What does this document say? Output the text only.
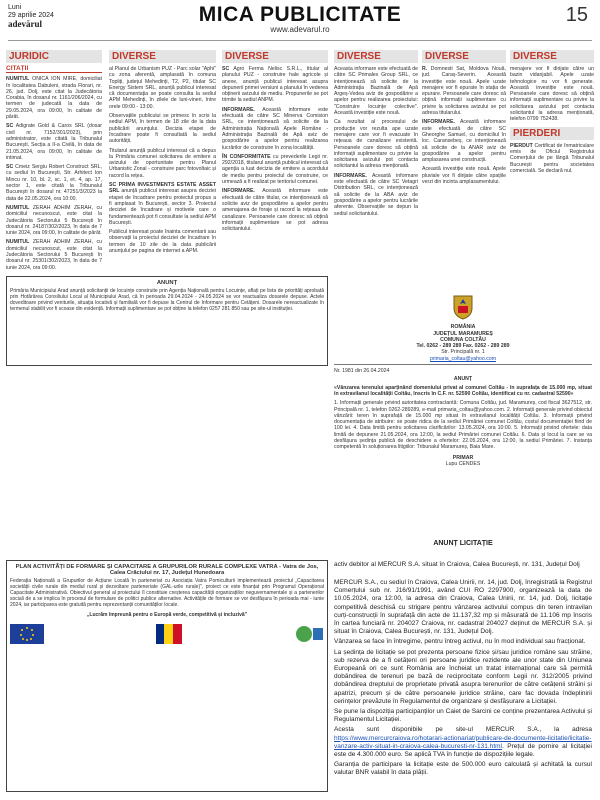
Luni
29 aprilie 2024
adevărul	MICA PUBLICITATE
www.adevarul.ro
15
JURIDIC
CITAȚII
NUMITUL ONICA ION MIRE, domiciliat în localitatea Dabuleni, strada Florari, nr. 26, jud. Dolj, este citat la Judecătoria Corabia, în dosarul nr. 1161/206/2024, cu termen de judecată la data de 29.05.2024, ora 09:00, în calitate de pârât.
SC Adigrate Gold & Caros SRL (dosar civil nr. 7152/301/2023), prin administrator, este citată la Tribunalul București, Secția a II-a Civilă, în data de 21.05.2024, ora 09:00, în calitate de intimat.
SC Cmeiz Sergiu Robert Construct SRL, cu sediul în București, Str. Arhitect Ion Mincu nr. 10, bl. 2, sc. 1, et. 4, ap. 17, sector 1, este citată la Tribunalul București în dosarul nr. 47251/3/2023 la data de 22.05.2024, ora 10:00.
NUMITUL ZERAH ADHIM ZERAH, cu domiciliul necunoscut, este citat la Judecătoria Sectorului 5 București în dosarul nr. 24187/302/2023, în data de 7 iunie 2024, ora 09:00, în calitate de pârât.
NUMITUL ZERAH ADHIM ZERAH, cu domiciliul necunoscut, este citat la Judecătoria Sectorului 5 București în dosarul nr. 25301/302/2023, în data de 7 iunie 2024, ora 09:00.
DIVERSE
al Planul de Urbanism PUZ - Parc solar "Aphi" cu zona aferentă, amplasată în comuna Topliți, județul Mehedinți, T2, P2, titular SC Energy Sistem SRL, anunță publicul interesat că documentația se poate consulta la sediul APM Mehedinți, în zilele de luni-vineri, între orele 09:00 - 13:00.
Observațiile publicului se primesc în scris la sediul APM, în termen de 18 zile de la data publicării anunțului. Decizia etapei de încadrare poate fi consultată la sediul autorității.
Titularul anunță publicul interesat că a depus la Primăria comunei solicitarea de emitere a avizului de oportunitate pentru Planul Urbanistic Zonal - construire parc fotovoltaic și racord la rețea.
SC PRIMA INVESTMENTS ESTATE ASSET SRL anunță publicul interesat asupra deciziei etapei de încadrare pentru proiectul propus a fi amplasat în București, sector 3. Proiectul deciziei de încadrare și motivele care o fundamentează pot fi consultate la sediul APM București.
Publicul interesat poate înainta comentarii sau observații la proiectul deciziei de încadrare în termen de 10 zile de la data publicării anunțului pe pagina de internet a APM.
DIVERSE
SC Agro Ferma Nelisc S.R.L., titular al planului PUZ - construire hale agricole și anexe, anunță publicul interesat asupra depunerii primei versiuni a planului în vederea obținerii avizului de mediu. Propunerile se pot trimite la sediul ANPM.
INFORMARE. Această informare este efectuată de către SC Minerva Comision SRL, ce intenționează să solicite de la Administrația Națională Apele Române - Administrația Bazinală de Apă aviz de gospodărire a apelor pentru realizarea lucrărilor de construire în zona localității.
ÎN CONFORMITATE cu prevederile Legii nr. 292/2018, titularul anunță publicul interesat că agenția a luat decizia de emitere a acordului de mediu pentru proiectul de construire, ce urmează a fi realizat pe teritoriul comunei.
INFORMARE. Această informare este efectuată de către titular, ce intenționează să solicite aviz de gospodărire a apelor pentru amenajarea de foraje și racord la rețeaua de canalizare. Persoanele care doresc să obțină informații suplimentare se pot adresa solicitantului.
DIVERSE
Aceasta informare este efectuată de către SC Primalex Group SRL, ce intenționează să solicite de la Administrația Bazinală de Apă Argeș-Vedea aviz de gospodărire a apelor pentru realizarea proiectului: "Construire locuințe colective". Această investiție este nouă.
Ca rezultat al procesului de producție vor rezulta ape uzate menajere care vor fi evacuate în rețeaua de canalizare existentă. Persoanele care doresc să obțină informații suplimentare cu privire la solicitarea avizului pot contacta solicitantul la adresa menționată.
INFORMARE. Această informare este efectuată de către SC Vetagri Distribution SRL, ce intenționează să solicite de la ABA aviz de gospodărire a apelor pentru lucrările aferente. Observațiile se depun la sediul solicitantului.
DIVERSE
R. Domnesti Sat, Moldova Nouă, jud. Caraș-Severin. Această investiție este nouă. Apele uzate menajere vor fi epurate în stația de epurare. Persoanele care doresc să obțină informații suplimentare cu privire la solicitarea avizului se pot adresa titularului.
INFORMARE. Această informare este efectuată de către SC Gheorghe Samuel, cu domiciliul în loc. Caransebeș, ce intenționează să solicite de la ANAR aviz de gospodărire a apelor pentru amplasarea unei construcții.
Această investiție este nouă. Apele pluviale vor fi dirijate către spațiile verzi din incinta amplasamentului.
DIVERSE
menajere vor fi dirijate către un bazin vidanjabil. Apele uzate tehnologice nu vor fi generate. Această investiție este nouă. Persoanele care doresc să obțină informații suplimentare cu privire la solicitarea avizului pot contacta solicitantul la adresa menționată, telefon 0799 752438.
PIERDERI
PIERDUT Certificat de înmatriculare emis de Oficiul Registrului Comerțului de pe lângă Tribunalul București pentru societatea comercială. Se declară nul.
ANUNȚ
Primăria Municipiului Arad anunță solicitanții de locuințe construite prin Agenția Națională pentru Locuințe, aflați pe lista de priorități aprobată prin Hotărârea Consiliului Local al Municipiului Arad, că în perioada 29.04.2024 - 24.05.2024 se vor reactualiza dosarele depuse. Actele doveditoare privind veniturile, situația locativă și familială vor fi depuse la Centrul de Informare pentru Cetățeni. Dosarele nereactualizate în termenul stabilit vor fi scoase din evidență. Informații suplimentare se pot obține la telefon 0257 281 850 sau pe site-ul instituției.
PLAN ACTIVITĂȚI DE FORMARE ȘI CAPACITARE A GRUPURILOR RURALE COMPLEXE VATRA - Vatra de Jos, Calea Crăciului nr. 17, Județul Hunedoara
Federația Națională a Grupurilor de Acțiune Locală în parteneriat cu Asociația Vatra Pomiculturii implementează proiectul „Capacitarea societății civile rurale din mediul rural și dezvoltare parteneriate (GAL-urile rurale)", proiect ce este finanțat prin Programul Operațional Capacitate Administrativă. Obiectivul general al proiectului îl constituie creșterea capacității organizațiilor neguvernamentale și a partenerilor sociali de a se implica în procesul de formulare de politici publice alternative. Activitățile de formare se vor desfășura în perioada mai - iunie 2024, iar participarea este gratuită pentru reprezentanții comunităților locale.
„Lucrăm împreună pentru o Europă verde, competitivă și incluzivă"
ROMÂNIA
JUDEȚUL MARAMUREȘ
COMUNA COLTĂU
Tel. 0262 - 289 289 Fax. 0262 - 289 289
Str. Principală nr. 1
primaria_coltau@yahoo.com
Nr. 1981 din 26.04.2024
ANUNȚ
«Vânzarea terenului aparținând domeniului privat al comunei Coltău - în suprafața de 15.000 mp, situat în extravilanul localității Coltău, înscris în C.F. nr. 52590 Coltău, identificat cu nr. cadastral 52590»
1. Informații generale privind autoritatea contractantă: Comuna Coltău, jud. Maramureș, cod fiscal 3627512, str. Principală nr. 1, telefon 0262-289289, e-mail primaria_coltau@yahoo.com. 2. Informații generale privind obiectul vânzării: teren în suprafață de 15.000 mp situat în extravilanul localității Coltău. 3. Informații privind documentația de atribuire: se poate ridica de la sediul Primăriei comunei Coltău, costul documentației fiind de 100 lei. 4. Data limită pentru solicitarea clarificărilor: 13.05.2024, ora 10:00. 5. Informații privind ofertele: data limită de depunere 21.05.2024, ora 12:00, la sediul Primăriei comunei Coltău. 6. Data și locul la care se va desfășura ședința publică de deschidere a ofertelor: 22.05.2024, ora 12:00, la sediul Primăriei. 7. Instanța competentă în soluționarea litigiilor: Tribunalul Maramureș, Baia Mare.
PRIMAR
Lupu CENDES
ANUNȚ LICITAȚIE
activ debitor al MERCUR S.A. situat în Craiova, Calea București, nr. 131, Județul Dolj

MERCUR S.A., cu sediul în Craiova, Calea Unirii, nr. 14, jud. Dolj, înregistrată la Registrul Comerțului sub nr. J16/91/1991, având CUI RO 2297900, organizează la data de 10.05.2024, ora 12:00, la adresa din Craiova, Calea Unirii, nr. 14, jud. Dolj, licitație competitivă deschisă cu strigare pentru vânzarea activului compus din teren intravilan curți-construcții în suprafață din acte de 11.137,32 mp și măsurată de 11.106 mp înscris în cartea funciară nr. 204027 Craiova, nr. cadastral 204027 deținut de MERCUR S.A. și situat în Craiova, Calea București, nr. 131, Județul Dolj.

Vânzarea se face în întregime, pentru întreg activul, nu în mod individual sau fracționat.

La ședința de licitație se pot prezenta persoane fizice și/sau juridice române sau străine, sub rezerva de a fi cetățeni ori persoane juridice rezidente ale unor state din Uniunea Europeană ori ce sunt România are încheiat un tratat internațional care să permită dobândirea de terenuri pe bază de reciprocitate conform Legii nr. 312/2005 privind dobândirea dreptului de proprietate privată asupra terenurilor de către cetățenii străini și apatrizi, precum și de către persoanele juridice străine, care fac dovada îndeplinirii cerințelor prevăzute în Regulamentul de organizare și desfășurare a Licitației.

Se pune la dispoziția participanților un Caiet de Sarcini ce conține prezentarea Activului și Regulamentul Licitației.

Acesta sunt disponibile pe site-ul MERCUR S.A., la adresa https://www.mercurcraiova.ro/hotarari-actionariat/publicare-de-documente-licitatie/licitatie-vanzare-activ-situat-in-craiova-calea-bucuresti-nr-131.html. Prețul de pornire al licitației este de 4.300.000 euro. Se aplică TVA în funcție de dispozițiile legale.

Garanția de participare la licitație este de 500.000 euro calculată și achitată la cursul valutar BNR valabil în data plății.
